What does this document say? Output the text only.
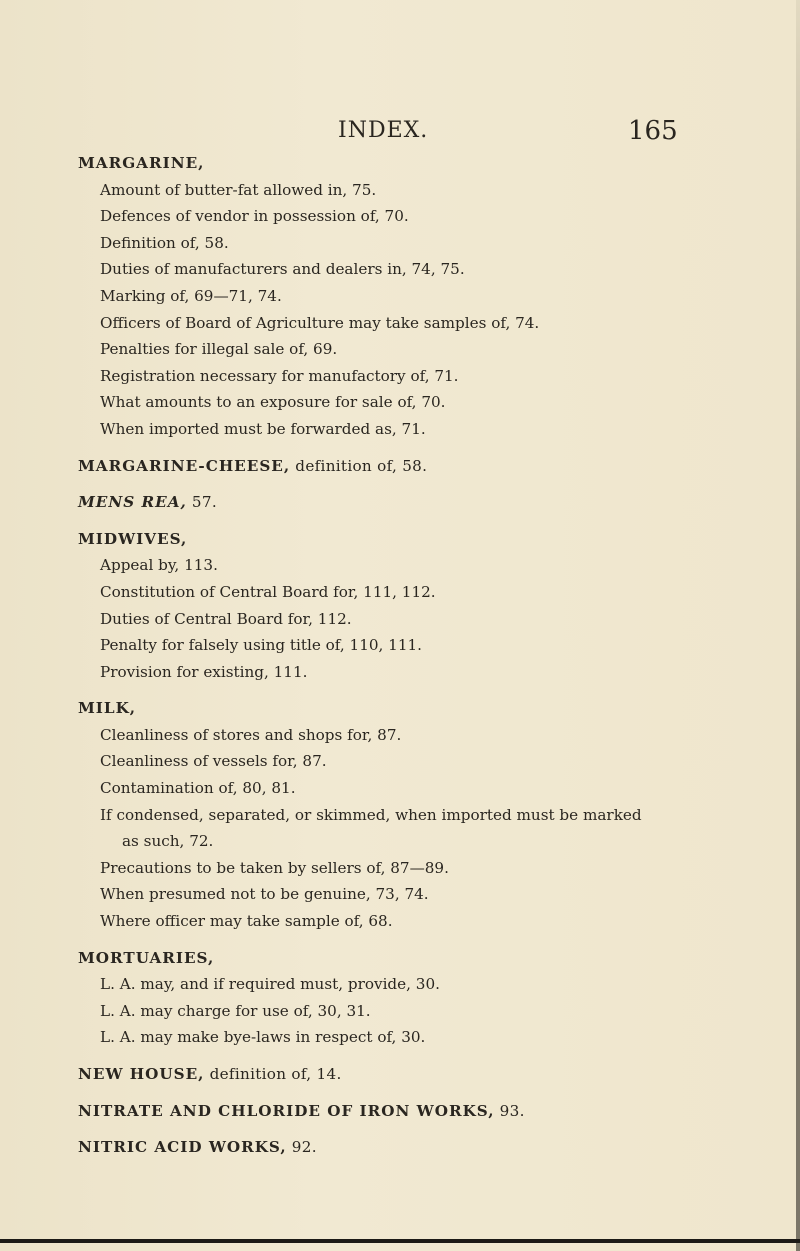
INDEX.	165
MARGARINE,
Amount of butter-fat allowed in, 75.
Defences of vendor in possession of, 70.
Definition of, 58.
Duties of manufacturers and dealers in, 74, 75.
Marking of, 69—71, 74.
Officers of Board of Agriculture may take samples of, 74.
Penalties for illegal sale of, 69.
Registration necessary for manufactory of, 71.
What amounts to an exposure for sale of, 70.
When imported must be forwarded as, 71.
MARGARINE-CHEESE, definition of, 58.
MENS REA, 57.
MIDWIVES,
Appeal by, 113.
Constitution of Central Board for, 111, 112.
Duties of Central Board for, 112.
Penalty for falsely using title of, 110, 111.
Provision for existing, 111.
MILK,
Cleanliness of stores and shops for, 87.
Cleanliness of vessels for, 87.
Contamination of, 80, 81.
If condensed, separated, or skimmed, when imported must be marked
as such, 72.
Precautions to be taken by sellers of, 87—89.
When presumed not to be genuine, 73, 74.
Where officer may take sample of, 68.
MORTUARIES,
L. A. may, and if required must, provide, 30.
L. A. may charge for use of, 30, 31.
L. A. may make bye-laws in respect of, 30.
NEW HOUSE, definition of, 14.
NITRATE AND CHLORIDE OF IRON WORKS, 93.
NITRIC ACID WORKS, 92.
